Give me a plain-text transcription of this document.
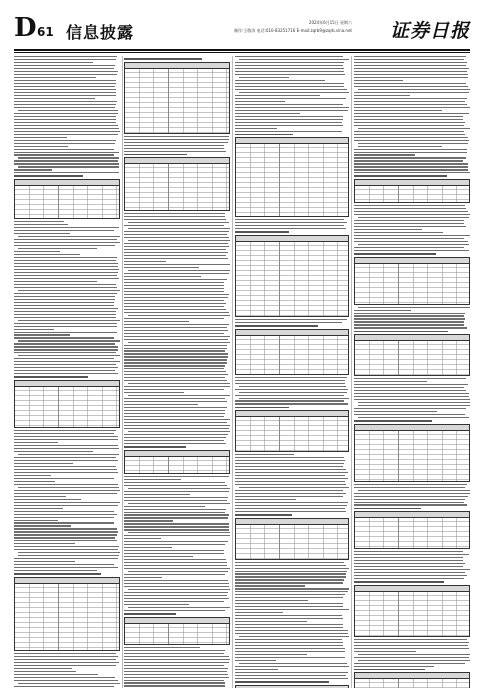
D 61 信息披露
2024年6月15日 星期六
制作:王敬涛 电话:010-83251716 E-mail:zqrb9@zqrb.sina.net 证券日报
